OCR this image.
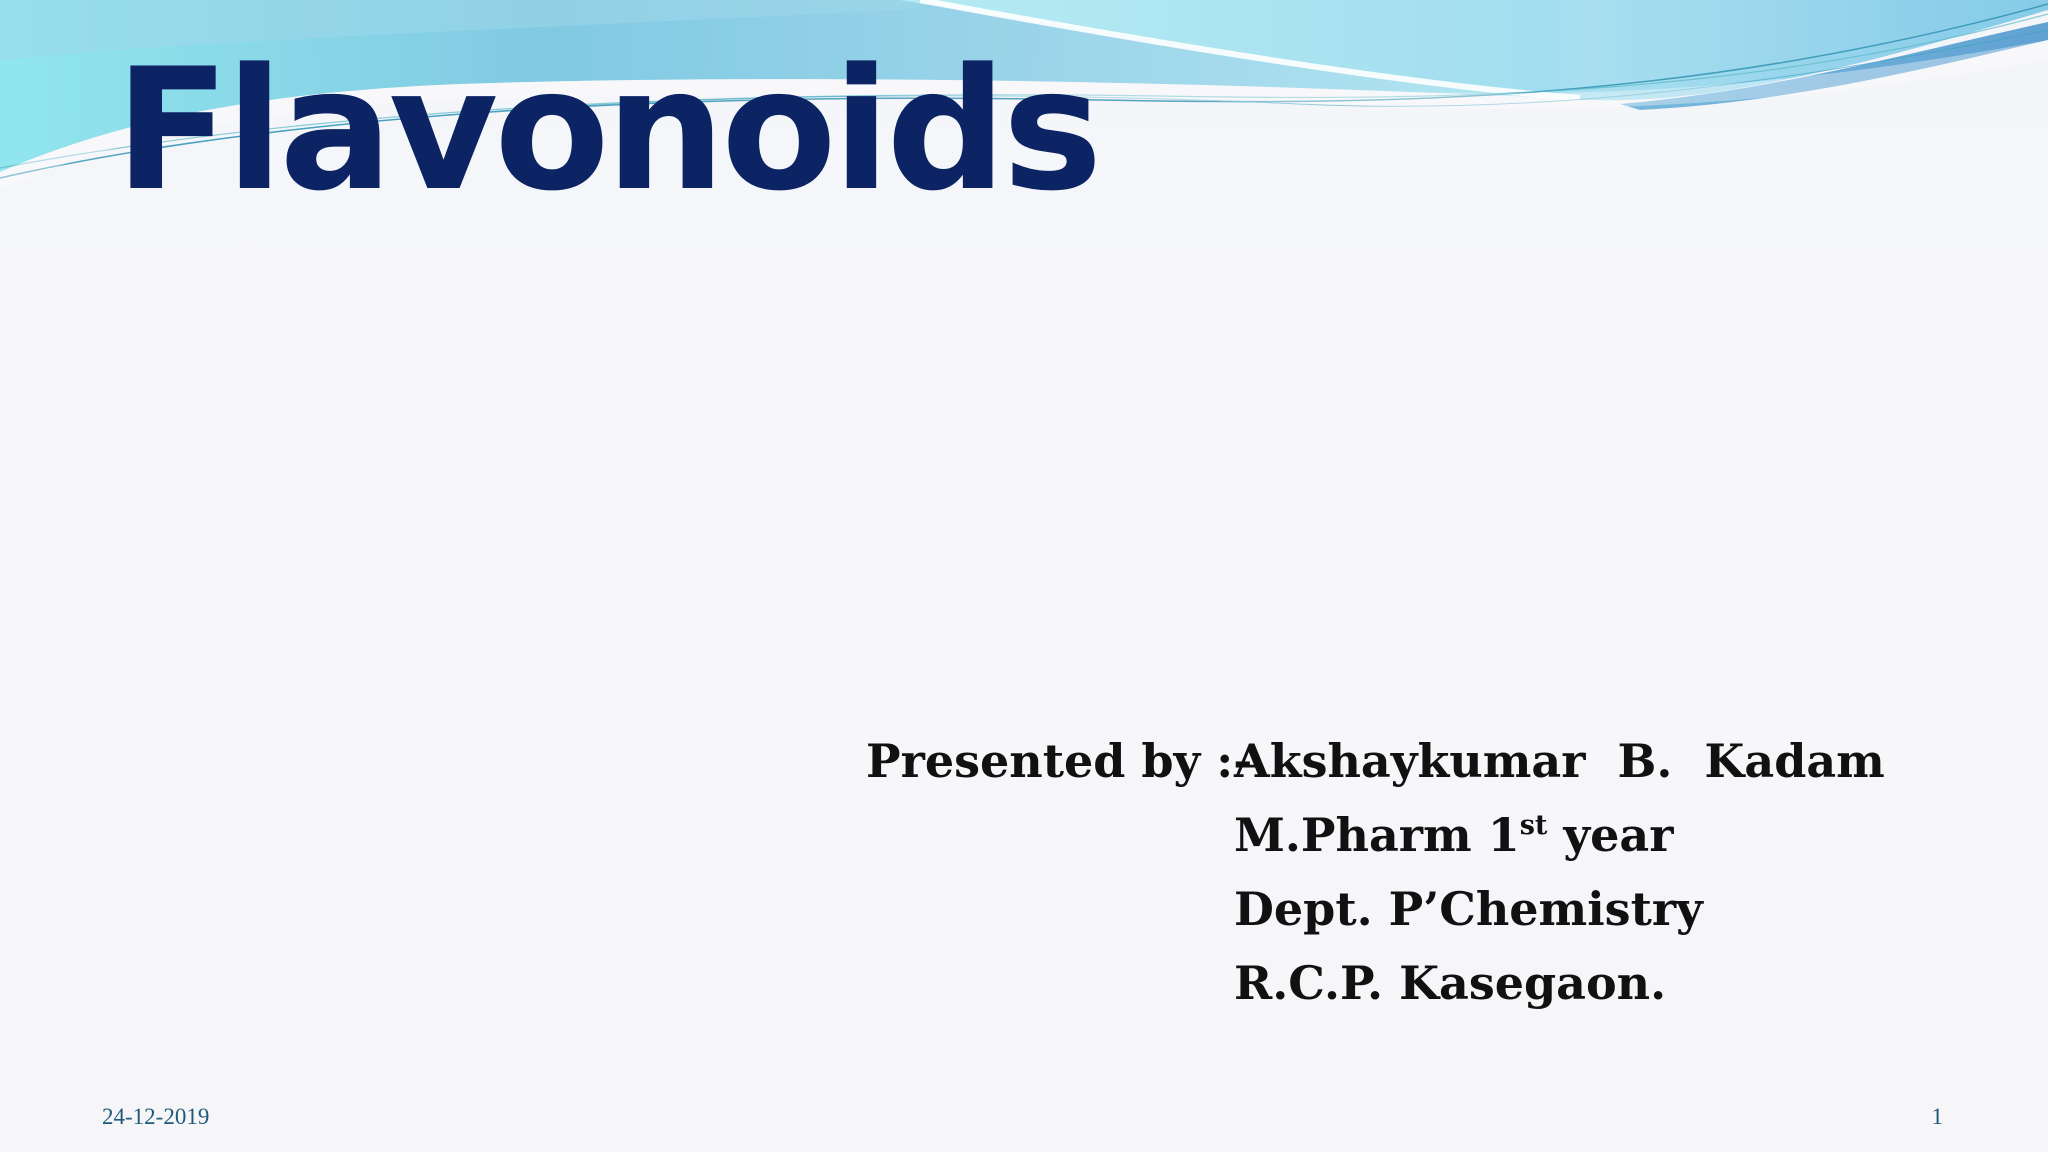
Flavonoids
Presented by :-
Akshaykumar  B.  Kadam
M.Pharm 1st year
Dept. P’Chemistry
R.C.P. Kasegaon.
24-12-2019	1
